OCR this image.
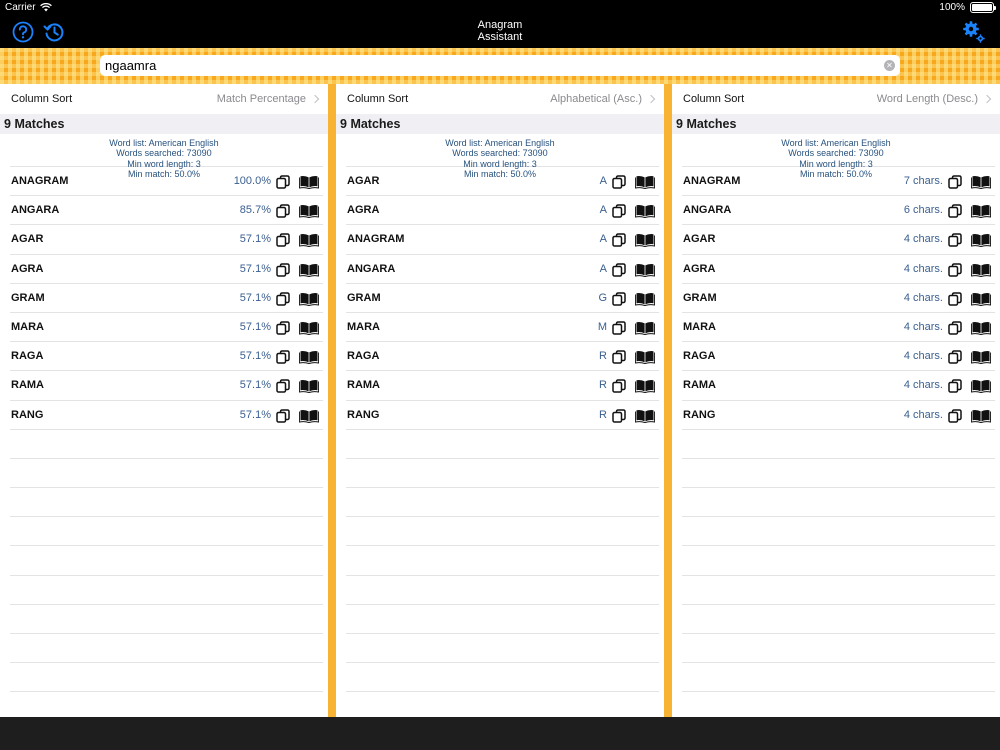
Carrier	100%
Anagram
Assistant
ngaamra
✕
Column Sort	Match Percentage
9 Matches
Word list: American English
Words searched: 73090
Min word length: 3
Min match: 50.0%
ANAGRAM	100.0%
ANGARA	85.7%
AGAR	57.1%
AGRA	57.1%
GRAM	57.1%
MARA	57.1%
RAGA	57.1%
RAMA	57.1%
RANG	57.1%
Column Sort	Alphabetical (Asc.)
9 Matches
Word list: American English
Words searched: 73090
Min word length: 3
Min match: 50.0%
AGAR	A
AGRA	A
ANAGRAM	A
ANGARA	A
GRAM	G
MARA	M
RAGA	R
RAMA	R
RANG	R
Column Sort	Word Length (Desc.)
9 Matches
Word list: American English
Words searched: 73090
Min word length: 3
Min match: 50.0%
ANAGRAM	7 chars.
ANGARA	6 chars.
AGAR	4 chars.
AGRA	4 chars.
GRAM	4 chars.
MARA	4 chars.
RAGA	4 chars.
RAMA	4 chars.
RANG	4 chars.
